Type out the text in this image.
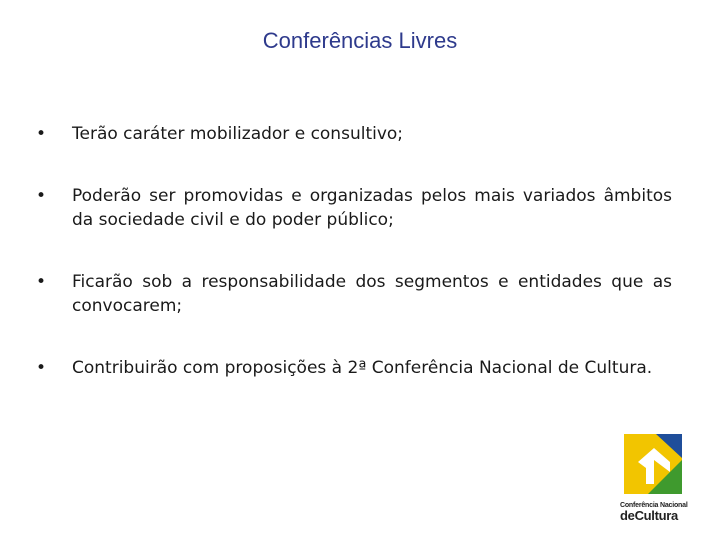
Conferências Livres
• Terão caráter mobilizador e consultivo;
• Poderão ser promovidas e organizadas pelos mais variados âmbitos da sociedade civil e do poder público;
• Ficarão sob a responsabilidade dos segmentos e entidades que as convocarem;
• Contribuirão com proposições à 2ª Conferência Nacional de Cultura.
Conferência Nacional
deCultura
